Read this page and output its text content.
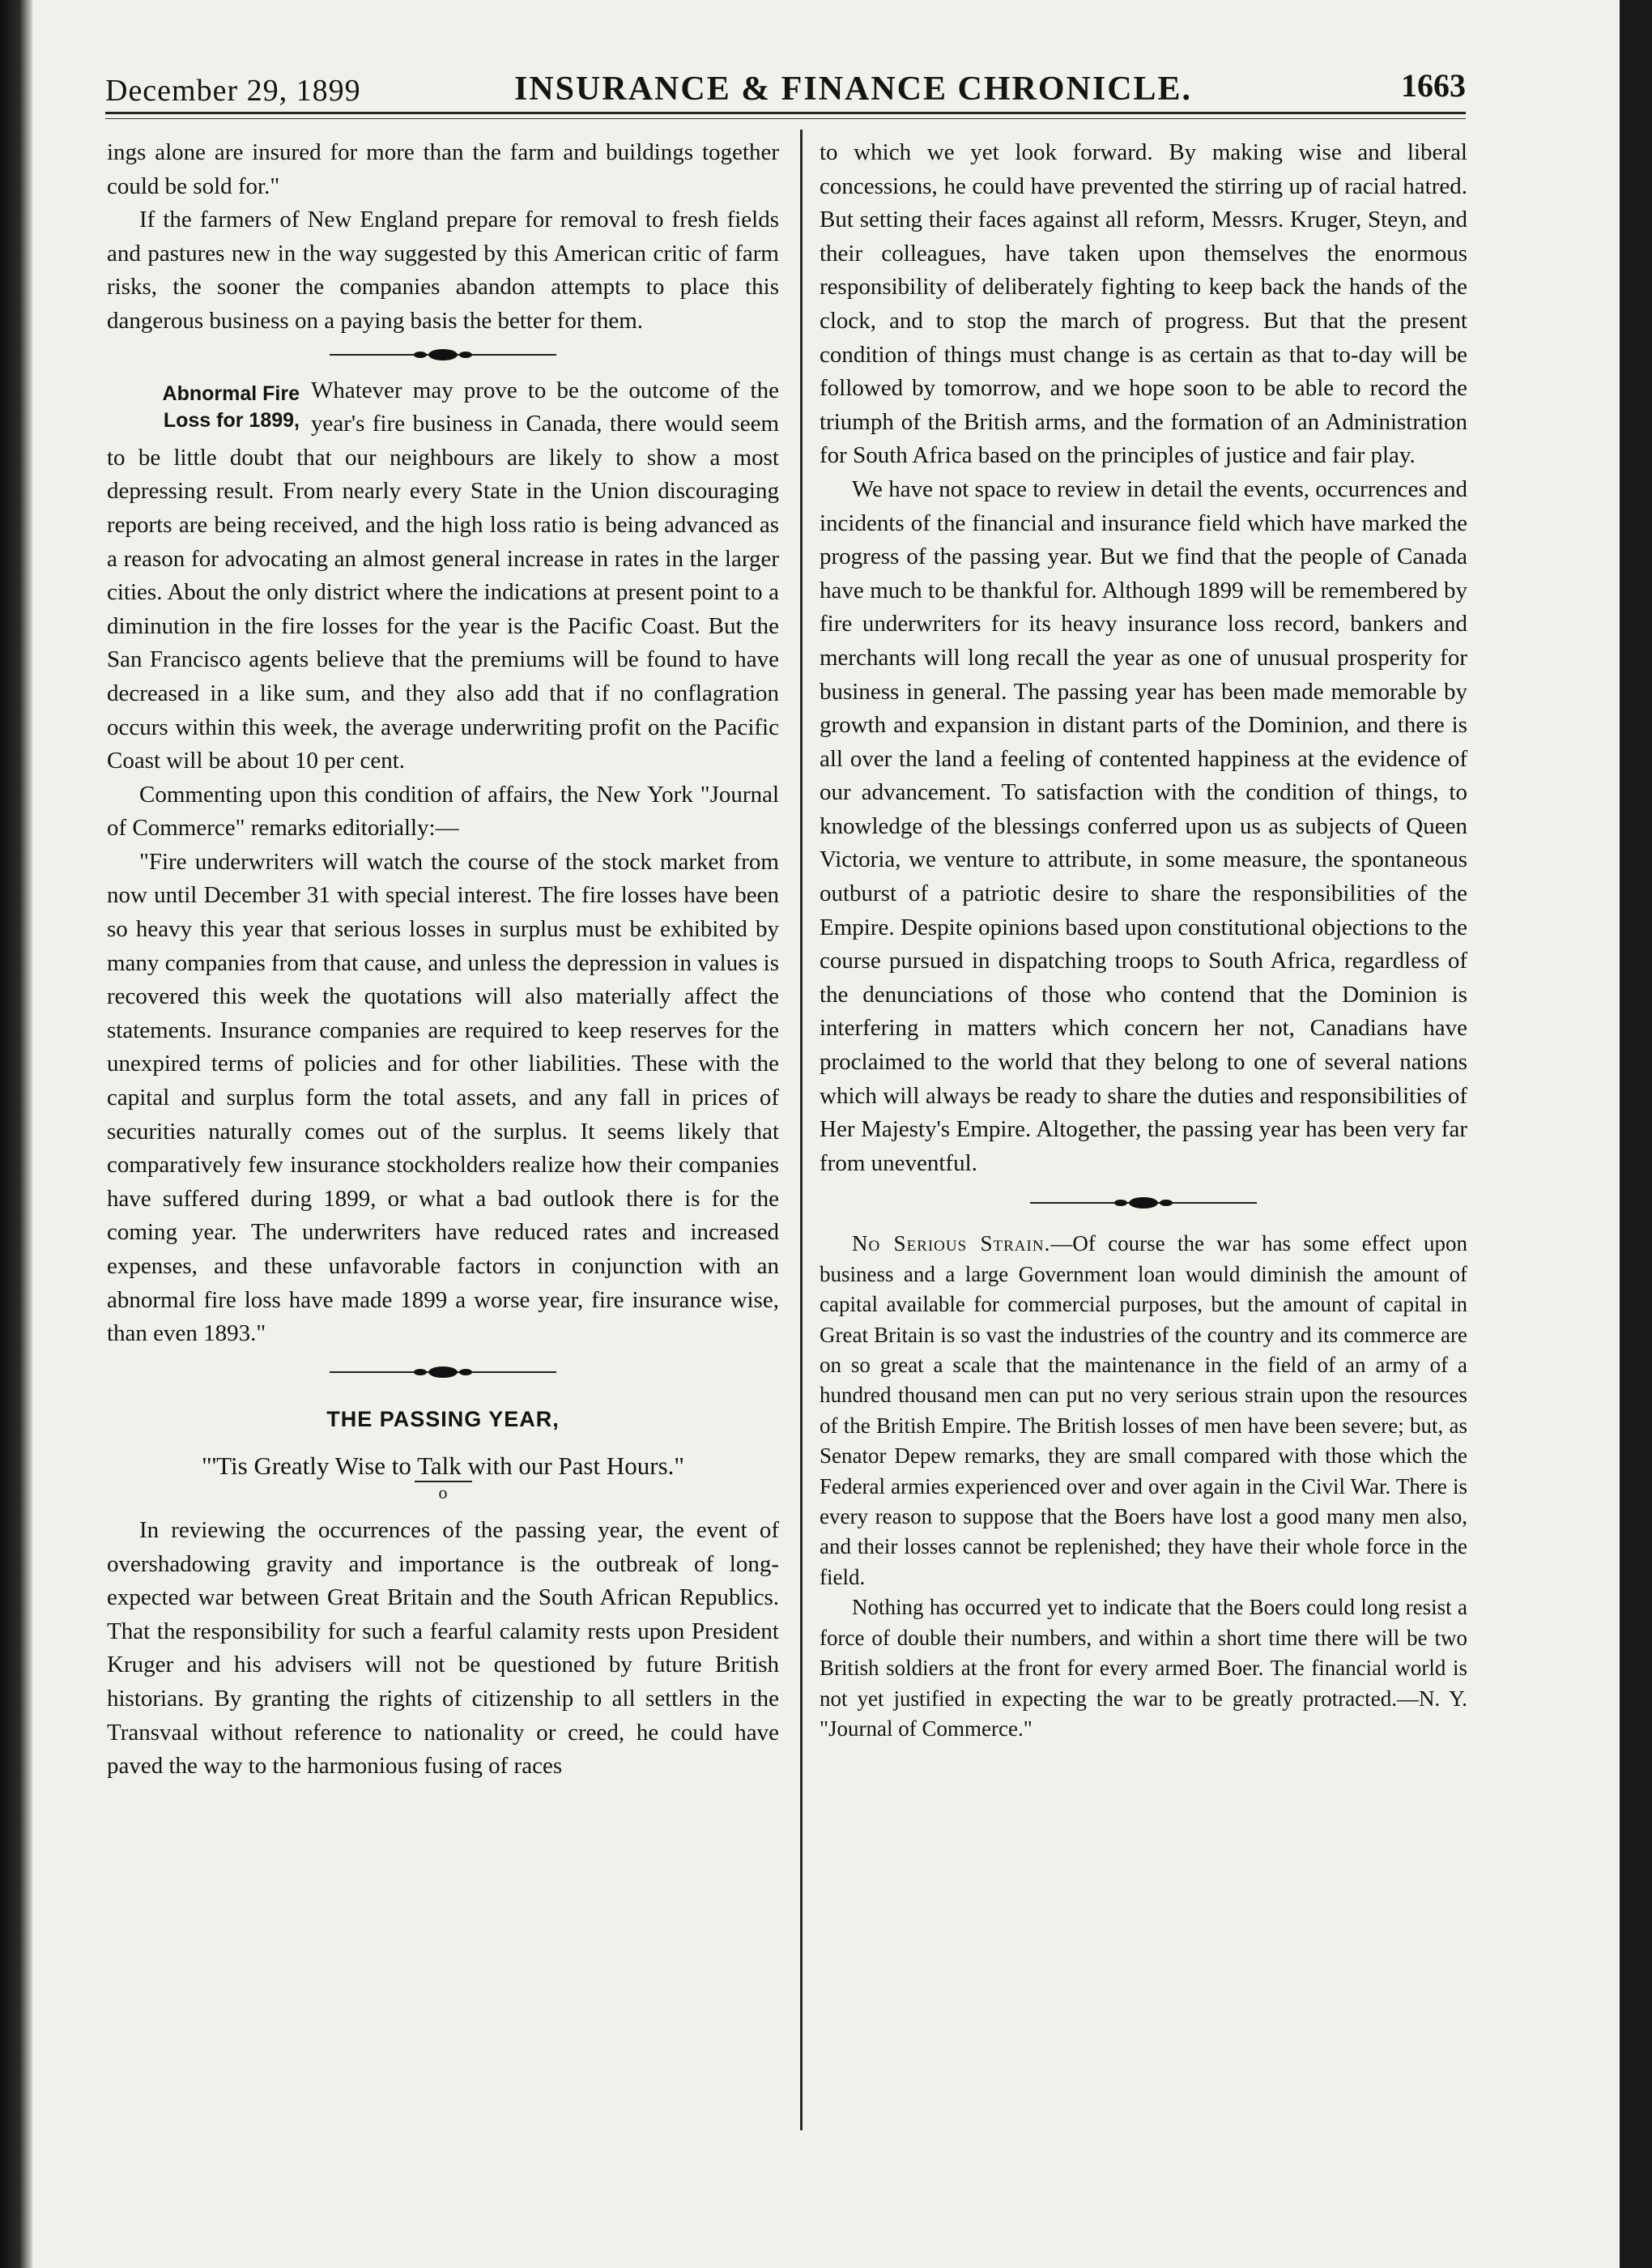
December 29, 1899	INSURANCE & FINANCE CHRONICLE.	1663

ings alone are insured for more than the farm and buildings together could be sold for."

If the farmers of New England prepare for removal to fresh fields and pastures new in the way suggested by this American critic of farm risks, the sooner the companies abandon attempts to place this dangerous business on a paying basis the better for them.

Abnormal Fire
Loss for 1899,

Whatever may prove to be the outcome of the year's fire business in Canada, there would seem to be little doubt that our neighbours are likely to show a most depressing result. From nearly every State in the Union discouraging reports are being received, and the high loss ratio is being advanced as a reason for advocating an almost general increase in rates in the larger cities. About the only district where the indications at present point to a diminution in the fire losses for the year is the Pacific Coast. But the San Francisco agents believe that the premiums will be found to have decreased in a like sum, and they also add that if no conflagration occurs within this week, the average underwriting profit on the Pacific Coast will be about 10 per cent.

Commenting upon this condition of affairs, the New York "Journal of Commerce" remarks editorially:—

"Fire underwriters will watch the course of the stock market from now until December 31 with special interest. The fire losses have been so heavy this year that serious losses in surplus must be exhibited by many companies from that cause, and unless the depression in values is recovered this week the quotations will also materially affect the statements. Insurance companies are required to keep reserves for the unexpired terms of policies and for other liabilities. These with the capital and surplus form the total assets, and any fall in prices of securities naturally comes out of the surplus. It seems likely that comparatively few insurance stockholders realize how their companies have suffered during 1899, or what a bad outlook there is for the coming year. The underwriters have reduced rates and increased expenses, and these unfavorable factors in conjunction with an abnormal fire loss have made 1899 a worse year, fire insurance wise, than even 1893."

THE PASSING YEAR,
"'Tis Greatly Wise to Talk with our Past Hours."
o

In reviewing the occurrences of the passing year, the event of overshadowing gravity and importance is the outbreak of long-expected war between Great Britain and the South African Republics. That the responsibility for such a fearful calamity rests upon President Kruger and his advisers will not be questioned by future British historians. By granting the rights of citizenship to all settlers in the Transvaal without reference to nationality or creed, he could have paved the way to the harmonious fusing of races

to which we yet look forward. By making wise and liberal concessions, he could have prevented the stirring up of racial hatred. But setting their faces against all reform, Messrs. Kruger, Steyn, and their colleagues, have taken upon themselves the enormous responsibility of deliberately fighting to keep back the hands of the clock, and to stop the march of progress. But that the present condition of things must change is as certain as that to-day will be followed by tomorrow, and we hope soon to be able to record the triumph of the British arms, and the formation of an Administration for South Africa based on the principles of justice and fair play.

We have not space to review in detail the events, occurrences and incidents of the financial and insurance field which have marked the progress of the passing year. But we find that the people of Canada have much to be thankful for. Although 1899 will be remembered by fire underwriters for its heavy insurance loss record, bankers and merchants will long recall the year as one of unusual prosperity for business in general. The passing year has been made memorable by growth and expansion in distant parts of the Dominion, and there is all over the land a feeling of contented happiness at the evidence of our advancement. To satisfaction with the condition of things, to knowledge of the blessings conferred upon us as subjects of Queen Victoria, we venture to attribute, in some measure, the spontaneous outburst of a patriotic desire to share the responsibilities of the Empire. Despite opinions based upon constitutional objections to the course pursued in dispatching troops to South Africa, regardless of the denunciations of those who contend that the Dominion is interfering in matters which concern her not, Canadians have proclaimed to the world that they belong to one of several nations which will always be ready to share the duties and responsibilities of Her Majesty's Empire. Altogether, the passing year has been very far from uneventful.

No Serious Strain.—Of course the war has some effect upon business and a large Government loan would diminish the amount of capital available for commercial purposes, but the amount of capital in Great Britain is so vast the industries of the country and its commerce are on so great a scale that the maintenance in the field of an army of a hundred thousand men can put no very serious strain upon the resources of the British Empire. The British losses of men have been severe; but, as Senator Depew remarks, they are small compared with those which the Federal armies experienced over and over again in the Civil War. There is every reason to suppose that the Boers have lost a good many men also, and their losses cannot be replenished; they have their whole force in the field.

Nothing has occurred yet to indicate that the Boers could long resist a force of double their numbers, and within a short time there will be two British soldiers at the front for every armed Boer. The financial world is not yet justified in expecting the war to be greatly protracted.—N. Y. "Journal of Commerce."
